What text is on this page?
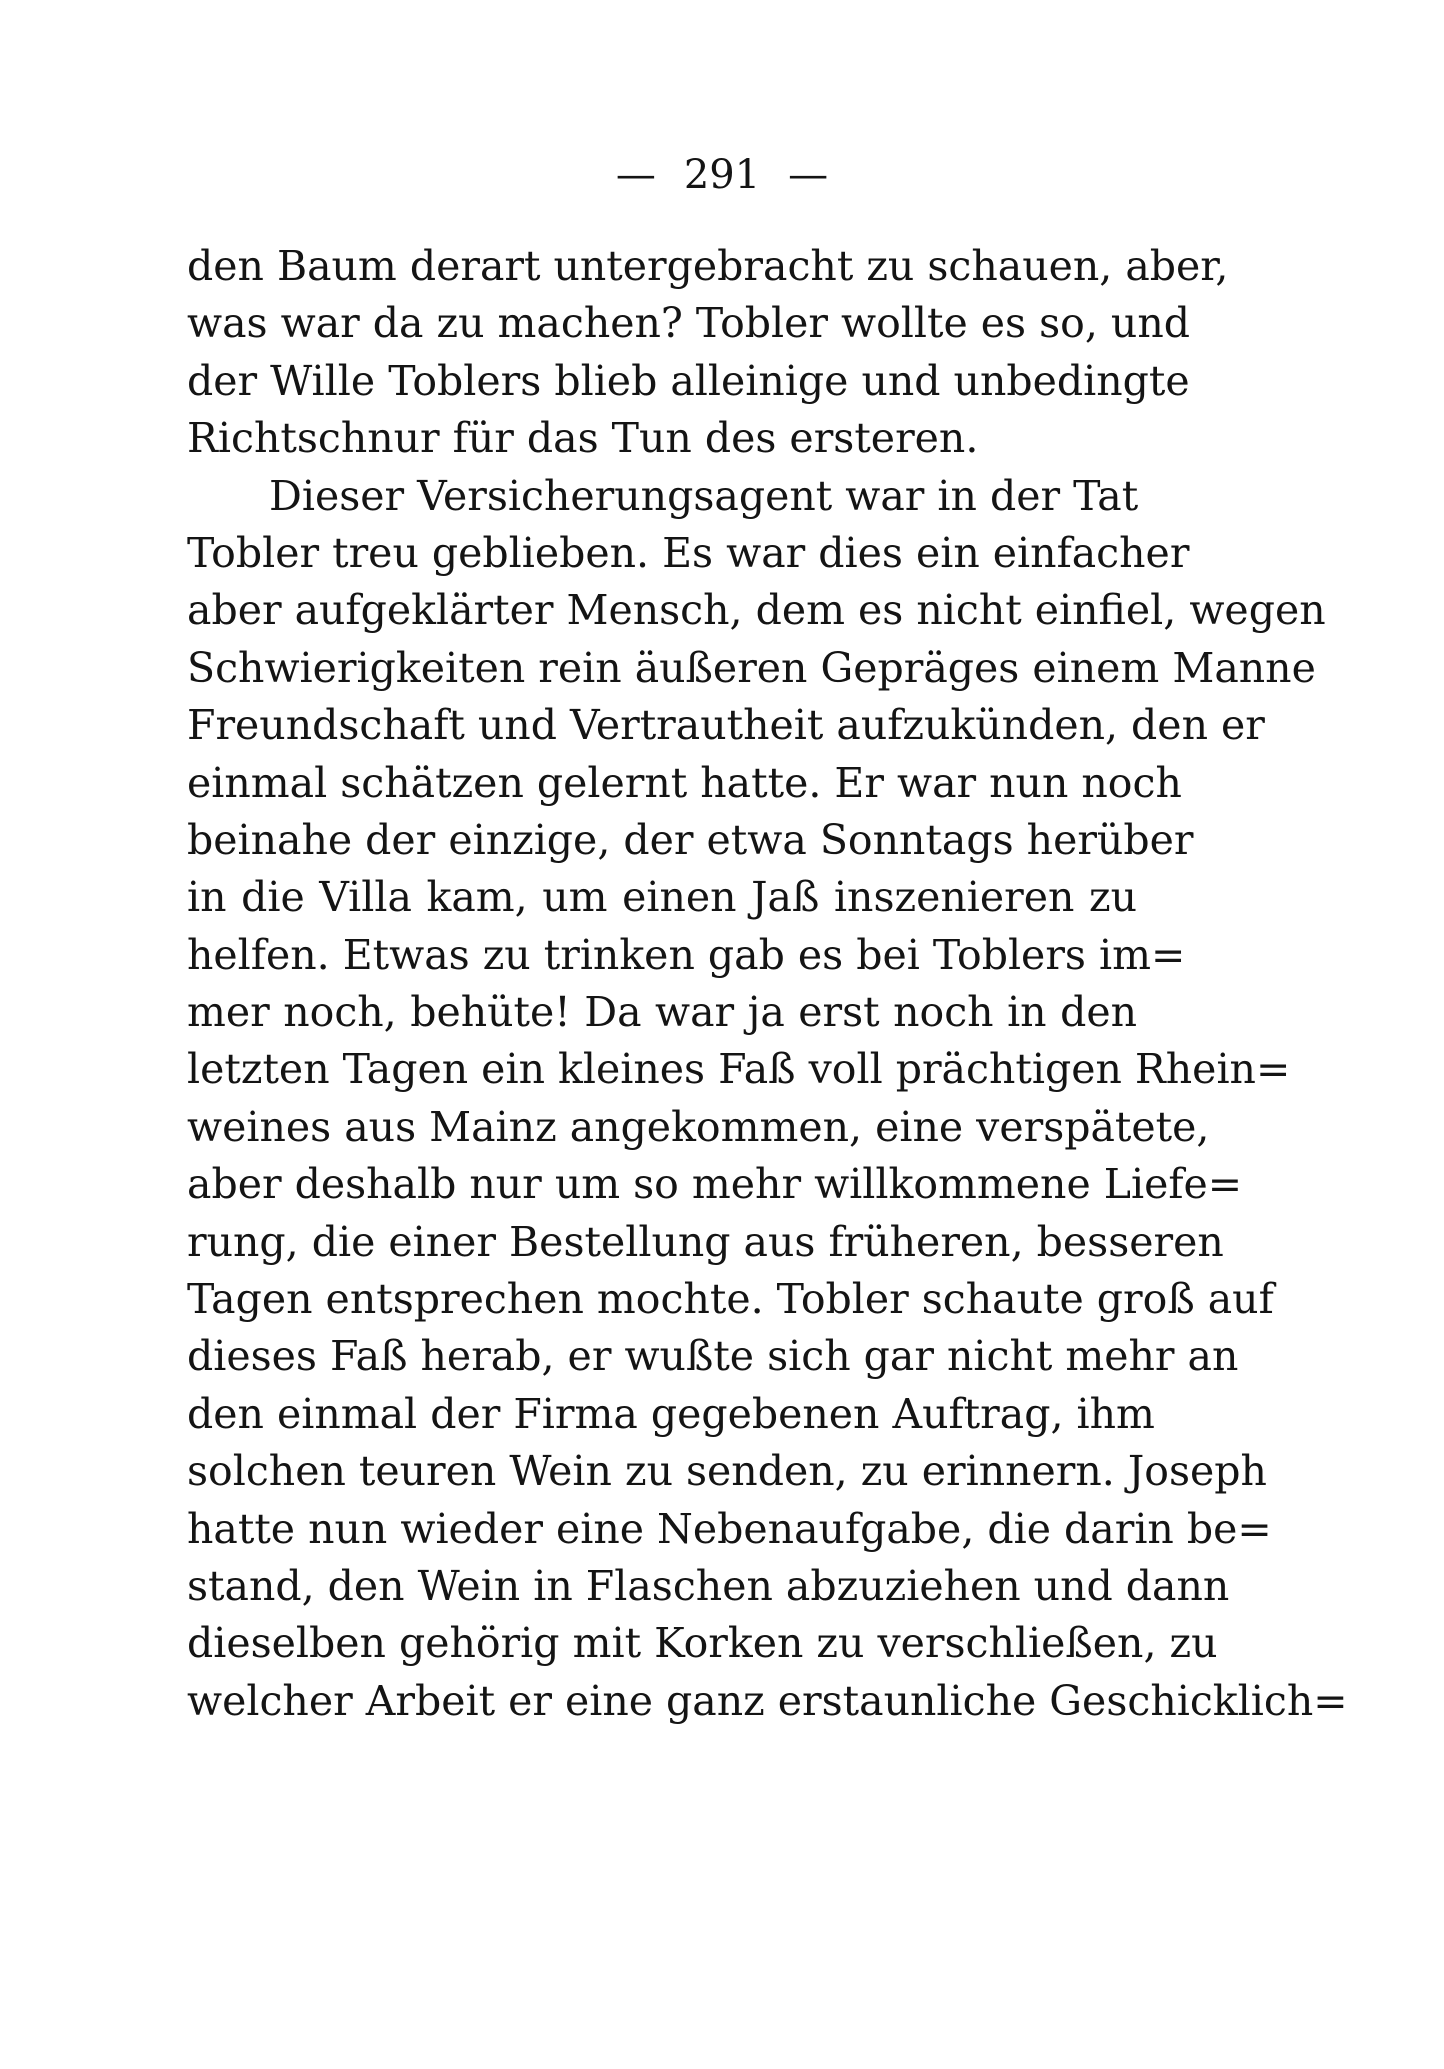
— 291 —
den Baum derart untergebracht zu schauen, aber,
was war da zu machen? Tobler wollte es so, und
der Wille Toblers blieb alleinige und unbedingte
Richtschnur für das Tun des ersteren.
Dieser Versicherungsagent war in der Tat
Tobler treu geblieben. Es war dies ein einfacher
aber aufgeklärter Mensch, dem es nicht einfiel, wegen
Schwierigkeiten rein äußeren Gepräges einem Manne
Freundschaft und Vertrautheit aufzukünden, den er
einmal schätzen gelernt hatte. Er war nun noch
beinahe der einzige, der etwa Sonntags herüber
in die Villa kam, um einen Jaß inszenieren zu
helfen. Etwas zu trinken gab es bei Toblers im=
mer noch, behüte! Da war ja erst noch in den
letzten Tagen ein kleines Faß voll prächtigen Rhein=
weines aus Mainz angekommen, eine verspätete,
aber deshalb nur um so mehr willkommene Liefe=
rung, die einer Bestellung aus früheren, besseren
Tagen entsprechen mochte. Tobler schaute groß auf
dieses Faß herab, er wußte sich gar nicht mehr an
den einmal der Firma gegebenen Auftrag, ihm
solchen teuren Wein zu senden, zu erinnern. Joseph
hatte nun wieder eine Nebenaufgabe, die darin be=
stand, den Wein in Flaschen abzuziehen und dann
dieselben gehörig mit Korken zu verschließen, zu
welcher Arbeit er eine ganz erstaunliche Geschicklich=
